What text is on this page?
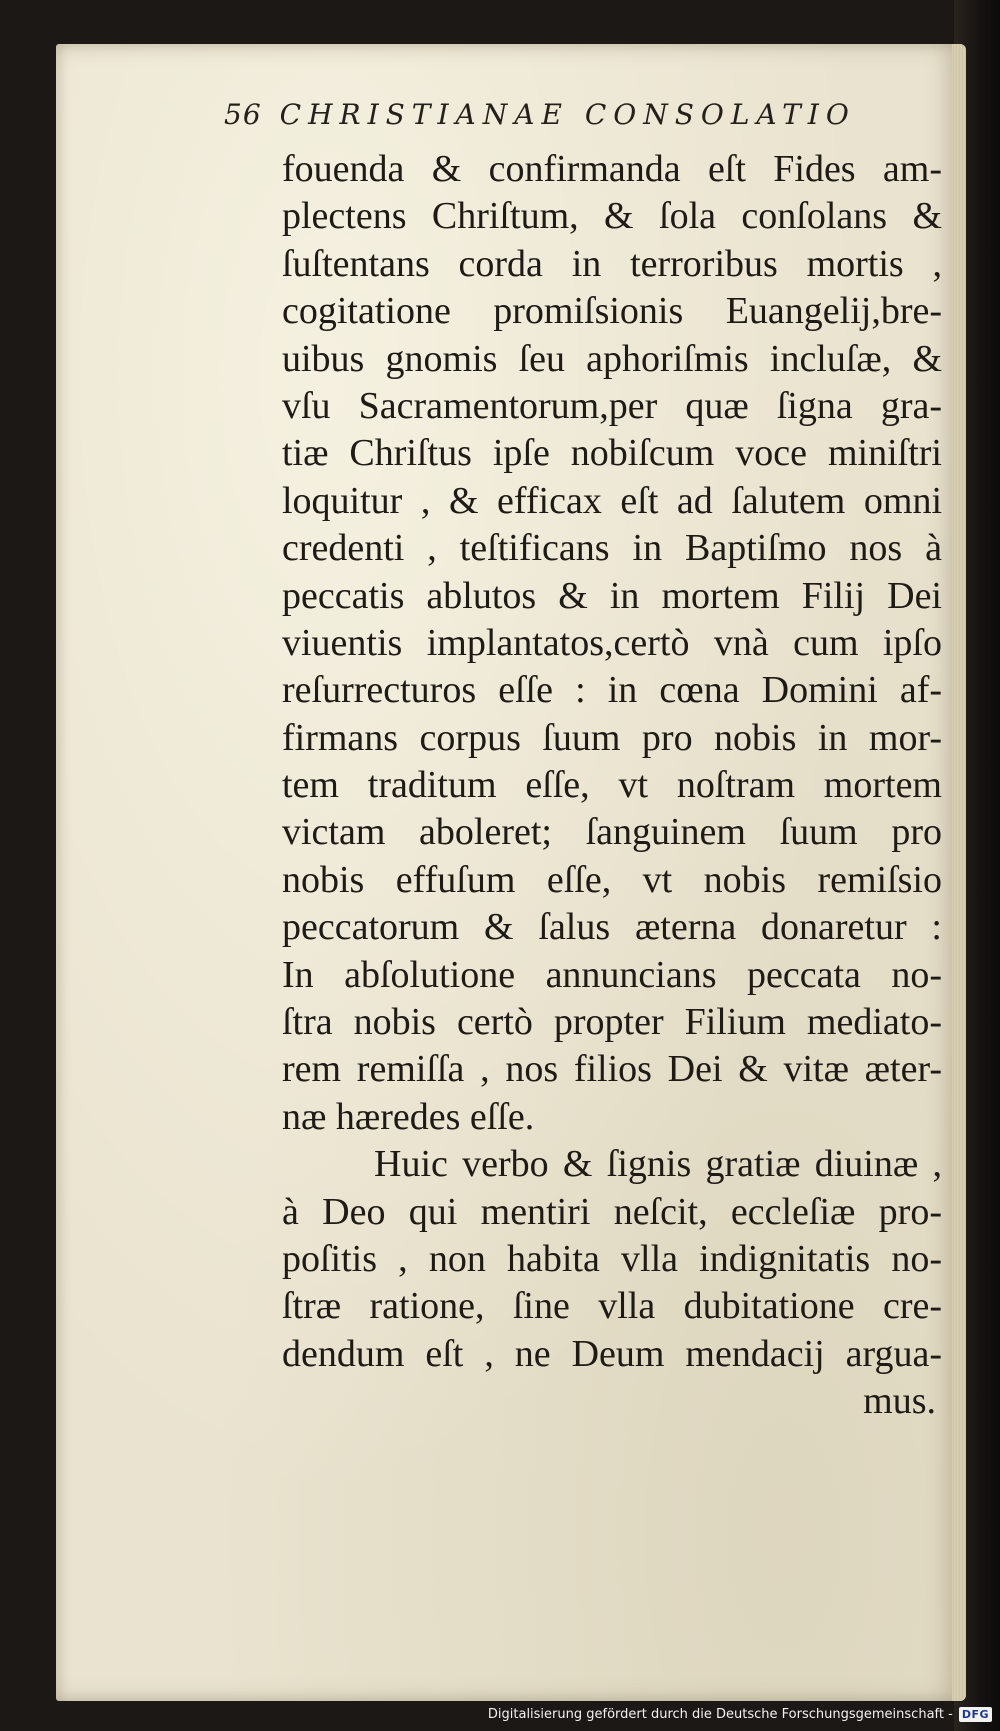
56 CHRISTIANAE CONSOLATIO
fouenda & confirmanda eſt Fides am-
plectens Chriſtum, & ſola conſolans &
ſuſtentans corda in terroribus mortis ,
cogitatione promiſsionis Euangelij,bre-
uibus gnomis ſeu aphoriſmis incluſæ, &
vſu Sacramentorum,per quæ ſigna gra-
tiæ Chriſtus ipſe nobiſcum voce miniſtri
loquitur , & efficax eſt ad ſalutem omni
credenti , teſtificans in Baptiſmo nos à
peccatis ablutos & in mortem Filij Dei
viuentis implantatos,certò vnà cum ipſo
reſurrecturos eſſe : in cœna Domini af-
firmans corpus ſuum pro nobis in mor-
tem traditum eſſe, vt noſtram mortem
victam aboleret; ſanguinem ſuum pro
nobis effuſum eſſe, vt nobis remiſsio
peccatorum & ſalus æterna donaretur :
In abſolutione annuncians peccata no-
ſtra nobis certò propter Filium mediato-
rem remiſſa , nos filios Dei & vitæ æter-
næ hæredes eſſe.
Huic verbo & ſignis gratiæ diuinæ ,
à Deo qui mentiri neſcit, eccleſiæ pro-
poſitis , non habita vlla indignitatis no-
ſtræ ratione, ſine vlla dubitatione cre-
dendum eſt , ne Deum mendacij argua-
mus.
Digitalisierung gefördert durch die Deutsche Forschungsgemeinschaft - DFG
